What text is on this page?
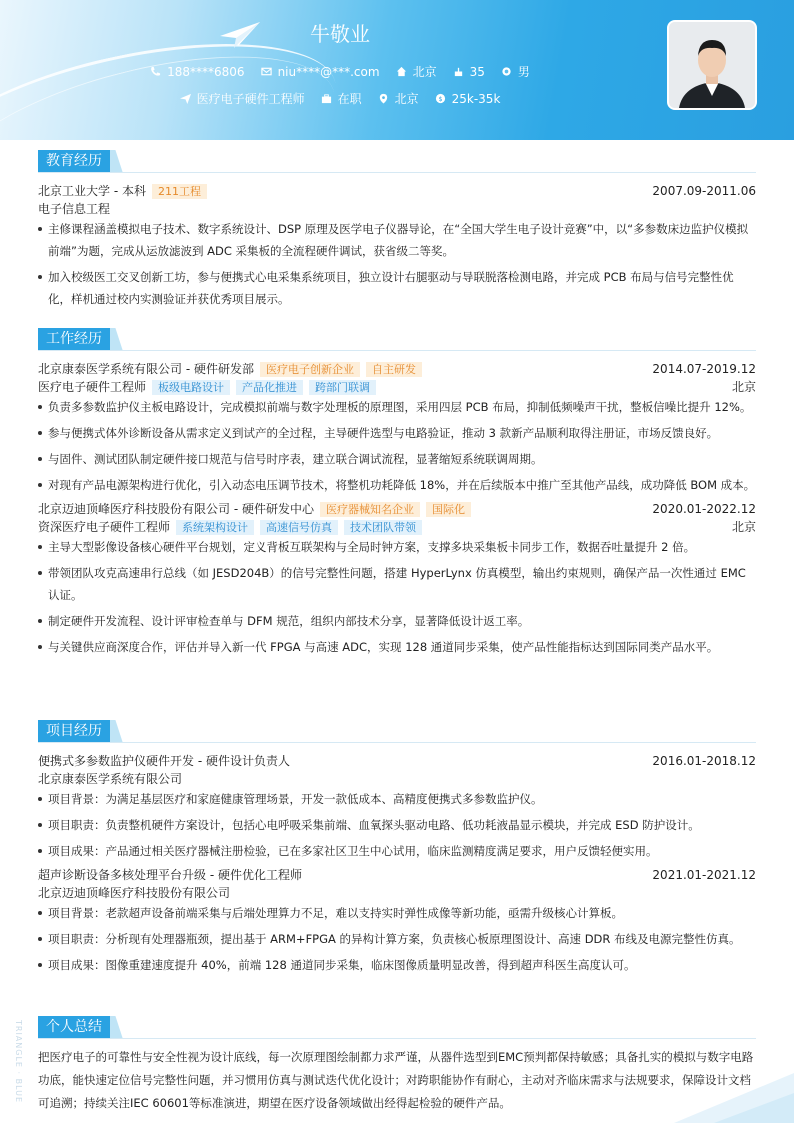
牛敬业
188****6806	niu****@***.com	北京	35	男
医疗电子硬件工程师	在职	北京	$ 25k-35k
教育经历
北京工业大学 - 本科	211工程	2007.09-2011.06
电子信息工程
主修课程涵盖模拟电子技术、数字系统设计、DSP 原理及医学电子仪器导论，在“全国大学生电子设计竞赛”中，以“多参数床边监护仪模拟前端”为题，完成从运放滤波到 ADC 采集板的全流程硬件调试，获省级二等奖。
加入校级医工交叉创新工坊，参与便携式心电采集系统项目，独立设计右腿驱动与导联脱落检测电路，并完成 PCB 布局与信号完整性优化，样机通过校内实测验证并获优秀项目展示。
工作经历
北京康泰医学系统有限公司 - 硬件研发部	医疗电子创新企业	自主研发	2014.07-2019.12
医疗电子硬件工程师	板级电路设计	产品化推进	跨部门联调	北京
负责多参数监护仪主板电路设计，完成模拟前端与数字处理板的原理图，采用四层 PCB 布局，抑制低频噪声干扰，整板信噪比提升 12%。
参与便携式体外诊断设备从需求定义到试产的全过程，主导硬件选型与电路验证，推动 3 款新产品顺利取得注册证，市场反馈良好。
与固件、测试团队制定硬件接口规范与信号时序表，建立联合调试流程，显著缩短系统联调周期。
对现有产品电源架构进行优化，引入动态电压调节技术，将整机功耗降低 18%，并在后续版本中推广至其他产品线，成功降低 BOM 成本。
北京迈迪顶峰医疗科技股份有限公司 - 硬件研发中心	医疗器械知名企业	国际化	2020.01-2022.12
资深医疗电子硬件工程师	系统架构设计	高速信号仿真	技术团队带领	北京
主导大型影像设备核心硬件平台规划，定义背板互联架构与全局时钟方案，支撑多块采集板卡同步工作，数据吞吐量提升 2 倍。
带领团队攻克高速串行总线（如 JESD204B）的信号完整性问题，搭建 HyperLynx 仿真模型，输出约束规则，确保产品一次性通过 EMC 认证。
制定硬件开发流程、设计评审检查单与 DFM 规范，组织内部技术分享，显著降低设计返工率。
与关键供应商深度合作，评估并导入新一代 FPGA 与高速 ADC，实现 128 通道同步采集，使产品性能指标达到国际同类产品水平。
项目经历
便携式多参数监护仪硬件开发 - 硬件设计负责人	2016.01-2018.12
北京康泰医学系统有限公司
项目背景：为满足基层医疗和家庭健康管理场景，开发一款低成本、高精度便携式多参数监护仪。
项目职责：负责整机硬件方案设计，包括心电呼吸采集前端、血氧探头驱动电路、低功耗液晶显示模块，并完成 ESD 防护设计。
项目成果：产品通过相关医疗器械注册检验，已在多家社区卫生中心试用，临床监测精度满足要求，用户反馈轻便实用。
超声诊断设备多核处理平台升级 - 硬件优化工程师	2021.01-2021.12
北京迈迪顶峰医疗科技股份有限公司
项目背景：老款超声设备前端采集与后端处理算力不足，难以支持实时弹性成像等新功能，亟需升级核心计算板。
项目职责：分析现有处理器瓶颈，提出基于 ARM+FPGA 的异构计算方案，负责核心板原理图设计、高速 DDR 布线及电源完整性仿真。
项目成果：图像重建速度提升 40%，前端 128 通道同步采集，临床图像质量明显改善，得到超声科医生高度认可。
个人总结
把医疗电子的可靠性与安全性视为设计底线，每一次原理图绘制都力求严谨，从器件选型到EMC预判都保持敏感；具备扎实的模拟与数字电路功底，能快速定位信号完整性问题，并习惯用仿真与测试迭代优化设计；对跨职能协作有耐心，主动对齐临床需求与法规要求，保障设计文档可追溯；持续关注IEC 60601等标准演进，期望在医疗设备领域做出经得起检验的硬件产品。
TRIANGLE · BLUE
